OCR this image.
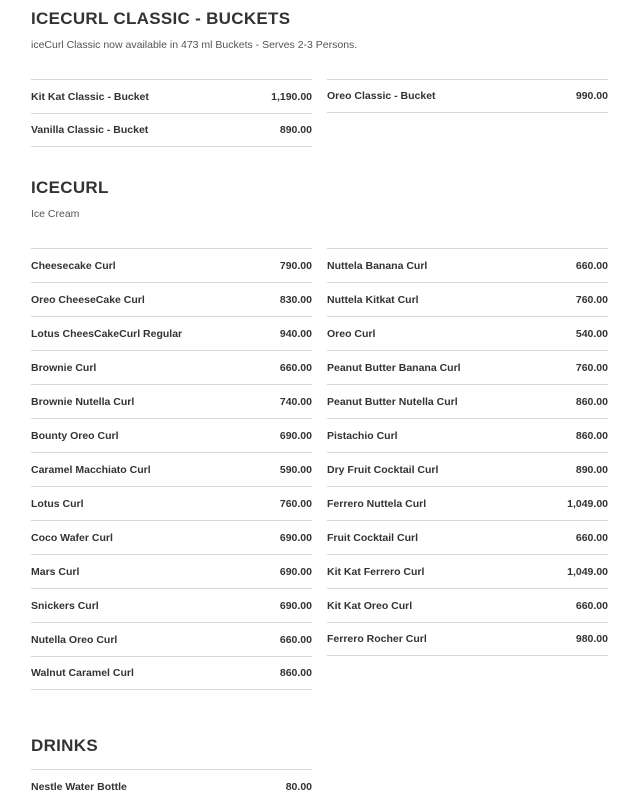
ICECURL CLASSIC - BUCKETS
iceCurl Classic now available in 473 ml Buckets - Serves 2-3 Persons.
Kit Kat Classic - Bucket	1,190.00
Vanilla Classic - Bucket	890.00
Oreo Classic - Bucket	990.00
ICECURL
Ice Cream
Cheesecake Curl	790.00
Oreo CheeseCake Curl	830.00
Lotus CheesCakeCurl Regular	940.00
Brownie Curl	660.00
Brownie Nutella Curl	740.00
Bounty Oreo Curl	690.00
Caramel Macchiato Curl	590.00
Lotus Curl	760.00
Coco Wafer Curl	690.00
Mars Curl	690.00
Snickers Curl	690.00
Nutella Oreo Curl	660.00
Walnut Caramel Curl	860.00
Nuttela Banana Curl	660.00
Nuttela Kitkat Curl	760.00
Oreo Curl	540.00
Peanut Butter Banana Curl	760.00
Peanut Butter Nutella Curl	860.00
Pistachio Curl	860.00
Dry Fruit Cocktail Curl	890.00
Ferrero Nuttela Curl	1,049.00
Fruit Cocktail Curl	660.00
Kit Kat Ferrero Curl	1,049.00
Kit Kat Oreo Curl	660.00
Ferrero Rocher Curl	980.00
DRINKS
Nestle Water Bottle	80.00
